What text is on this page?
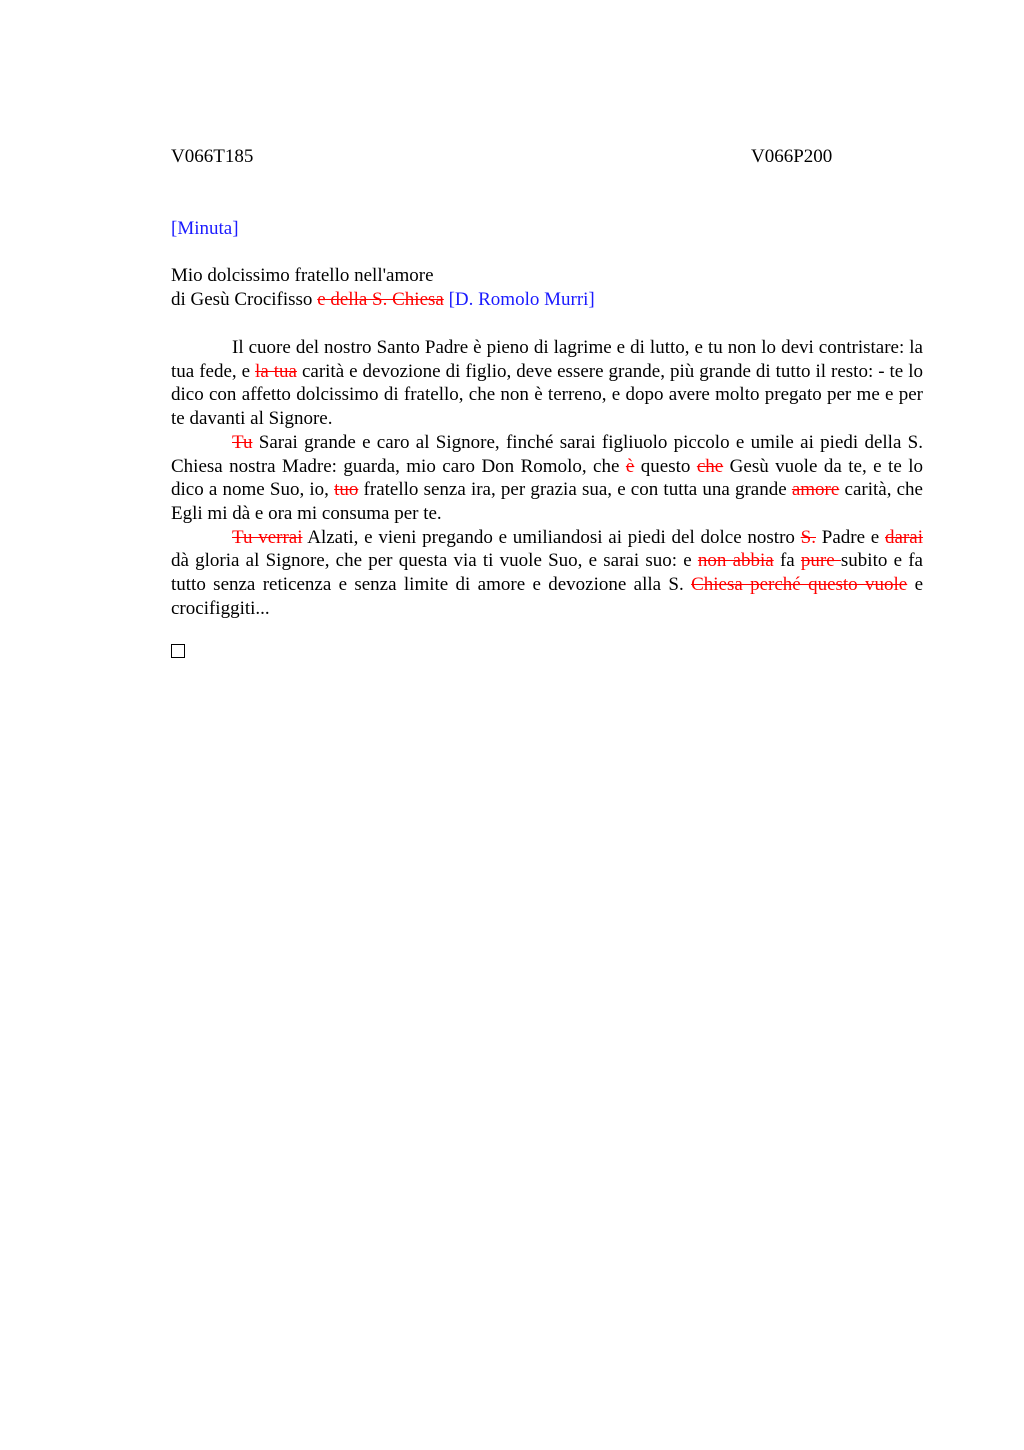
V066T185	V066P200
[Minuta]
Mio dolcissimo fratello nell'amore
di Gesù Crocifisso e della S. Chiesa [D. Romolo Murri]

Il cuore del nostro Santo Padre è pieno di lagrime e di lutto, e tu non lo devi contristare: la tua fede, e la tua carità e devozione di figlio, deve essere grande, più grande di tutto il resto: - te lo dico con affetto dolcissimo di fratello, che non è terreno, e dopo avere molto pregato per me e per te davanti al Signore.

Tu Sarai grande e caro al Signore, finché sarai figliuolo piccolo e umile ai piedi della S. Chiesa nostra Madre: guarda, mio caro Don Romolo, che è questo che Gesù vuole da te, e te lo dico a nome Suo, io, tuo fratello senza ira, per grazia sua, e con tutta una grande amore carità, che Egli mi dà e ora mi consuma per te.

Tu verrai Alzati, e vieni pregando e umiliandosi ai piedi del dolce nostro S. Padre e darai dà gloria al Signore, che per questa via ti vuole Suo, e sarai suo: e non abbia fa pure subito e fa tutto senza reticenza e senza limite di amore e devozione alla S. Chiesa perché questo vuole e crocifiggiti...
